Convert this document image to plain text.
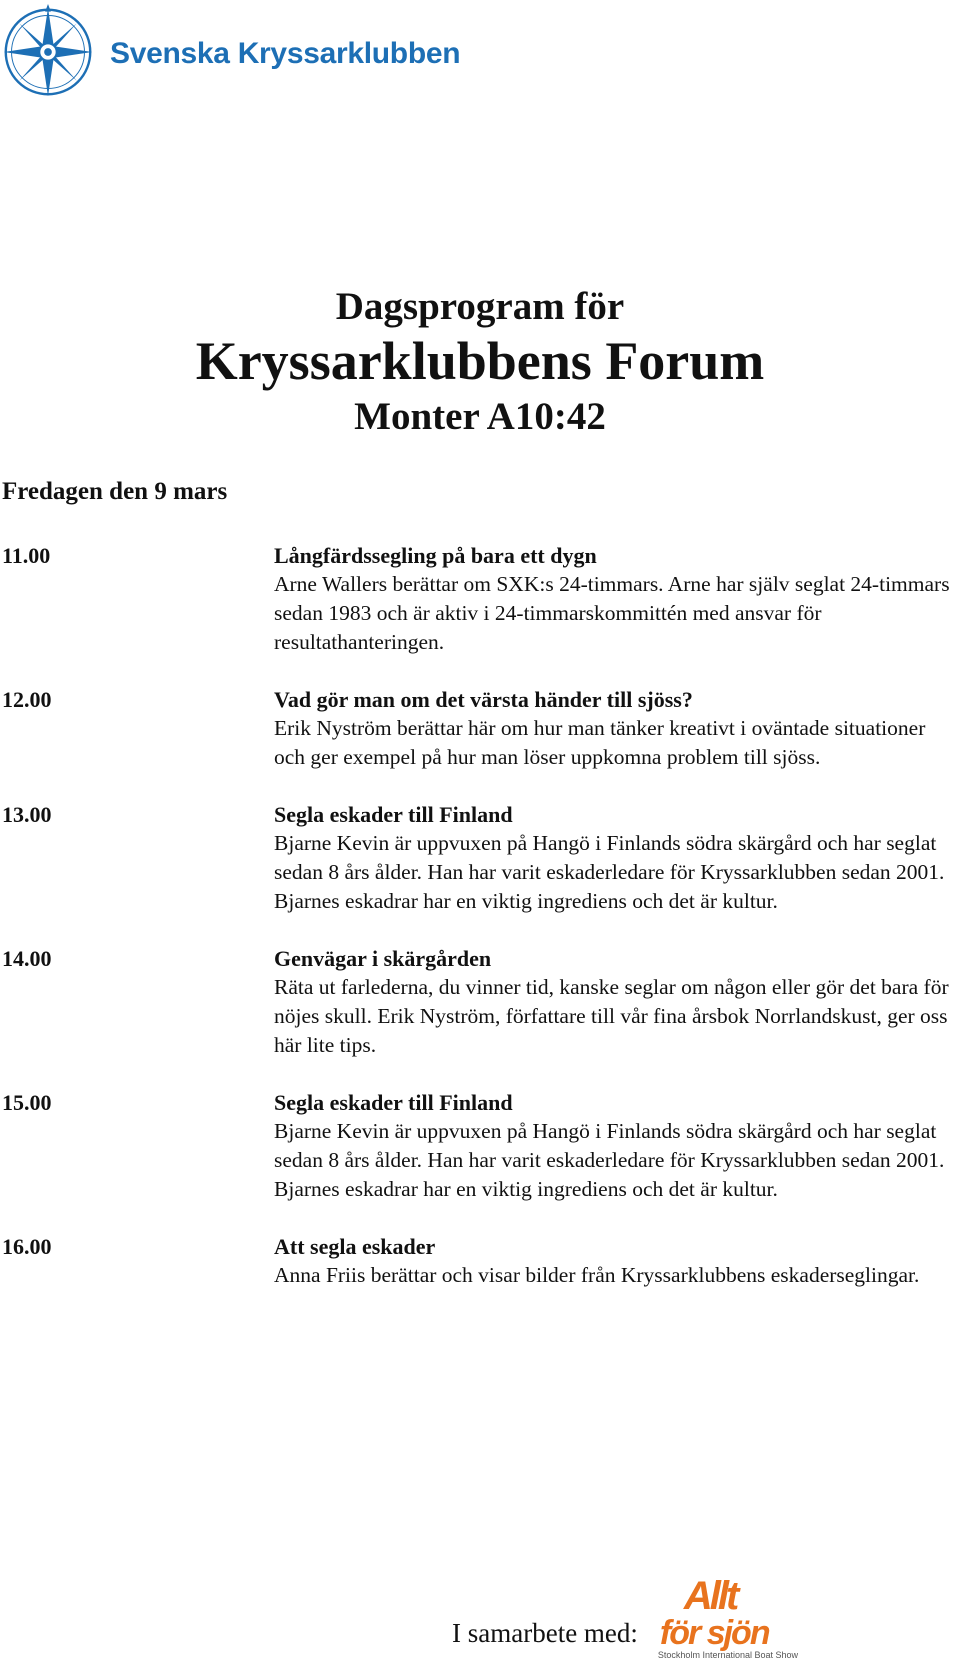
Svenska Kryssarklubben
Dagsprogram för
Kryssarklubbens Forum
Monter A10:42
Fredagen den 9 mars
11.00	Långfärdssegling på bara ett dygn
Arne Wallers berättar om SXK:s 24-timmars. Arne har själv seglat 24-timmars sedan 1983 och är aktiv i 24-timmarskommittén med ansvar för resultathanteringen.
12.00	Vad gör man om det värsta händer till sjöss?
Erik Nyström berättar här om hur man tänker kreativt i oväntade situationer och ger exempel på hur man löser uppkomna problem till sjöss.
13.00	Segla eskader till Finland
Bjarne Kevin är uppvuxen på Hangö i Finlands södra skärgård och har seglat sedan 8 års ålder. Han har varit eskaderledare för Kryssarklubben sedan 2001. Bjarnes eskadrar har en viktig ingrediens och det är kultur.
14.00	Genvägar i skärgården
Räta ut farlederna, du vinner tid, kanske seglar om någon eller gör det bara för nöjes skull. Erik Nyström, författare till vår fina årsbok Norrlandskust, ger oss här lite tips.
15.00	Segla eskader till Finland
Bjarne Kevin är uppvuxen på Hangö i Finlands södra skärgård och har seglat sedan 8 års ålder. Han har varit eskaderledare för Kryssarklubben sedan 2001. Bjarnes eskadrar har en viktig ingrediens och det är kultur.
16.00	Att segla eskader
Anna Friis berättar och visar bilder från Kryssarklubbens eskaderseglingar.
I samarbete med:
Allt
för sjön
Stockholm International Boat Show
